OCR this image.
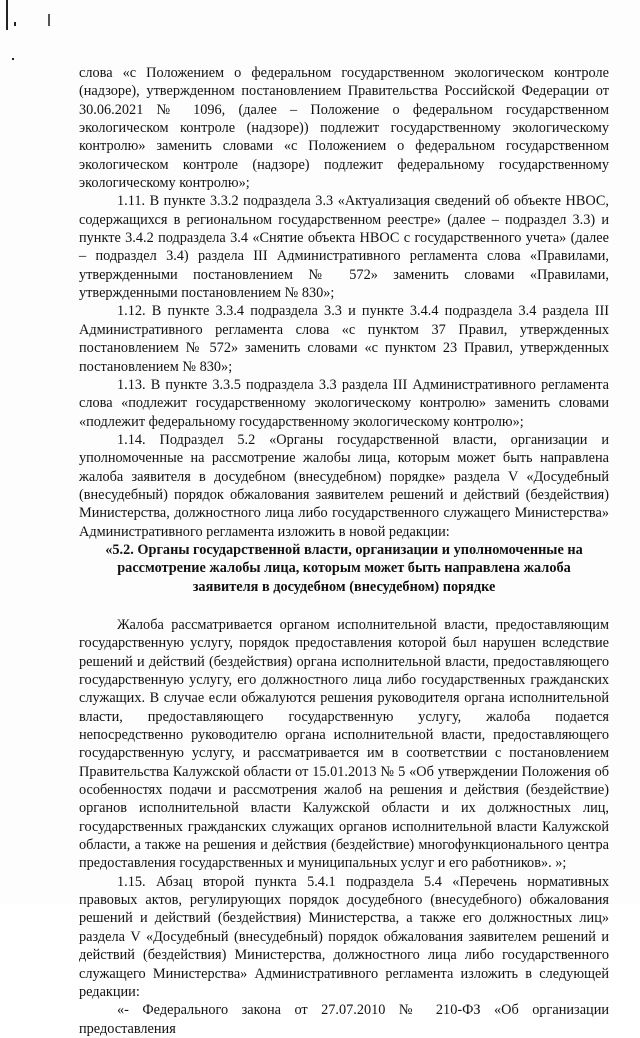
слова «с Положением о федеральном государственном экологическом контроле (надзоре), утвержденном постановлением Правительства Российской Федерации от 30.06.2021 № 1096, (далее – Положение о федеральном государственном экологическом контроле (надзоре)) подлежит государственному экологическому контролю» заменить словами «с Положением о федеральном государственном экологическом контроле (надзоре) подлежит федеральному государственному экологическому контролю»;

1.11. В пункте 3.3.2 подраздела 3.3 «Актуализация сведений об объекте НВОС, содержащихся в региональном государственном реестре» (далее – подраздел 3.3) и пункте 3.4.2 подраздела 3.4 «Снятие объекта НВОС с государственного учета» (далее – подраздел 3.4) раздела III Административного регламента слова «Правилами, утвержденными постановлением № 572» заменить словами «Правилами, утвержденными постановлением № 830»;

1.12. В пункте 3.3.4 подраздела 3.3 и пункте 3.4.4 подраздела 3.4 раздела III Административного регламента слова «с пунктом 37 Правил, утвержденных постановлением № 572» заменить словами «с пунктом 23 Правил, утвержденных постановлением № 830»;

1.13. В пункте 3.3.5 подраздела 3.3 раздела III Административного регламента слова «подлежит государственному экологическому контролю» заменить словами «подлежит федеральному государственному экологическому контролю»;

1.14. Подраздел 5.2 «Органы государственной власти, организации и уполномоченные на рассмотрение жалобы лица, которым может быть направлена жалоба заявителя в досудебном (внесудебном) порядке» раздела V «Досудебный (внесудебный) порядок обжалования заявителем решений и действий (бездействия) Министерства, должностного лица либо государственного служащего Министерства» Административного регламента изложить в новой редакции:

«5.2. Органы государственной власти, организации и уполномоченные на рассмотрение жалобы лица, которым может быть направлена жалоба заявителя в досудебном (внесудебном) порядке

Жалоба рассматривается органом исполнительной власти, предоставляющим государственную услугу, порядок предоставления которой был нарушен вследствие решений и действий (бездействия) органа исполнительной власти, предоставляющего государственную услугу, его должностного лица либо государственных гражданских служащих. В случае если обжалуются решения руководителя органа исполнительной власти, предоставляющего государственную услугу, жалоба подается непосредственно руководителю органа исполнительной власти, предоставляющего государственную услугу, и рассматривается им в соответствии с постановлением Правительства Калужской области от 15.01.2013 № 5 «Об утверждении Положения об особенностях подачи и рассмотрения жалоб на решения и действия (бездействие) органов исполнительной власти Калужской области и их должностных лиц, государственных гражданских служащих органов исполнительной власти Калужской области, а также на решения и действия (бездействие) многофункционального центра предоставления государственных и муниципальных услуг и его работников». »;

1.15. Абзац второй пункта 5.4.1 подраздела 5.4 «Перечень нормативных правовых актов, регулирующих порядок досудебного (внесудебного) обжалования решений и действий (бездействия) Министерства, а также его должностных лиц» раздела V «Досудебный (внесудебный) порядок обжалования заявителем решений и действий (бездействия) Министерства, должностного лица либо государственного служащего Министерства» Административного регламента изложить в следующей редакции:

«- Федерального закона от 27.07.2010 № 210-ФЗ «Об организации предоставления
